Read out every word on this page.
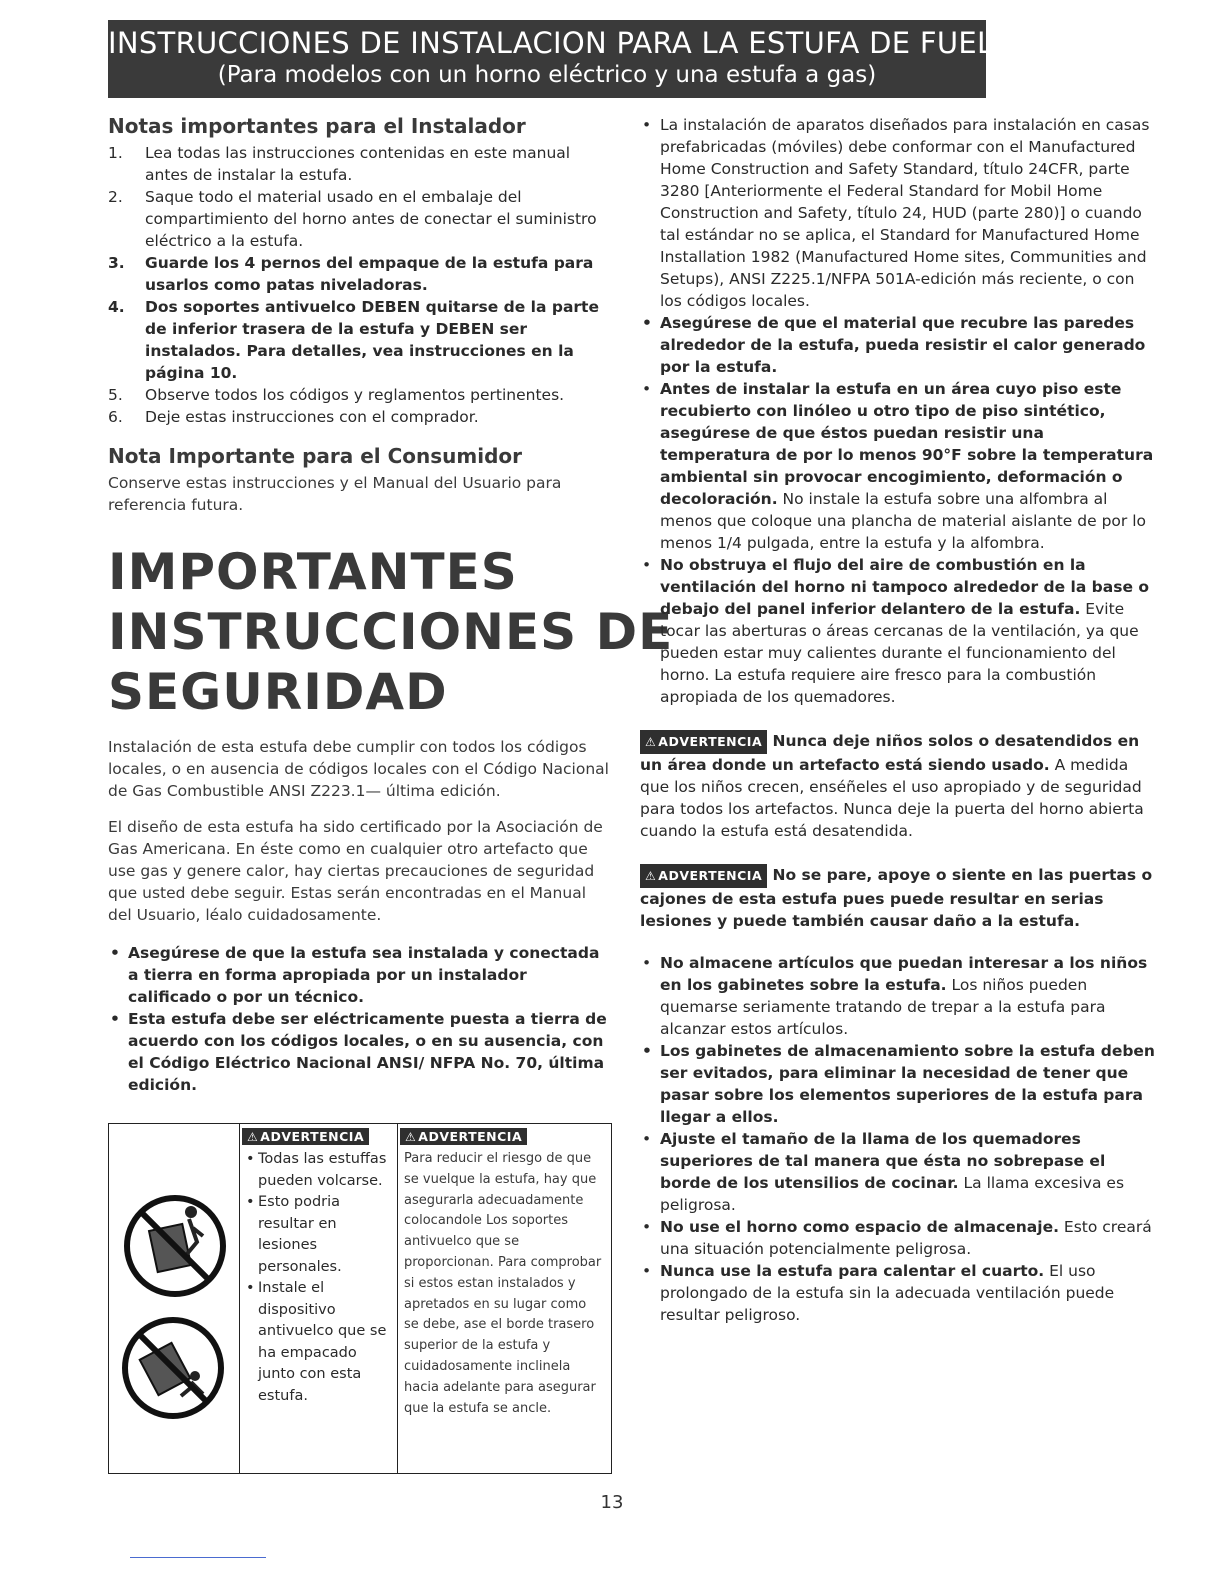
INSTRUCCIONES DE INSTALACION PARA LA ESTUFA DE FUEL DUAL DE 40"
(Para modelos con un horno eléctrico y una estufa a gas)
Notas importantes para el Instalador
1. Lea todas las instrucciones contenidas en este manual antes de instalar la estufa.
2. Saque todo el material usado en el embalaje del compartimiento del horno antes de conectar el suministro eléctrico a la estufa.
3. Guarde los 4 pernos del empaque de la estufa para usarlos como patas niveladoras.
4. Dos soportes antivuelco DEBEN quitarse de la parte de inferior trasera de la estufa y DEBEN ser instalados. Para detalles, vea instrucciones en la página 10.
5. Observe todos los códigos y reglamentos pertinentes.
6. Deje estas instrucciones con el comprador.
Nota Importante para el Consumidor

Conserve estas instrucciones y el Manual del Usuario para referencia futura.

IMPORTANTES
INSTRUCCIONES DE
SEGURIDAD

Instalación de esta estufa debe cumplir con todos los códigos locales, o en ausencia de códigos locales con el Código Nacional de Gas Combustible ANSI Z223.1— última edición.

El diseño de esta estufa ha sido certificado por la Asociación de Gas Americana. En éste como en cualquier otro artefacto que use gas y genere calor, hay ciertas precauciones de seguridad que usted debe seguir. Estas serán encontradas en el Manual del Usuario, léalo cuidadosamente.

• Asegúrese de que la estufa sea instalada y conectada a tierra en forma apropiada por un instalador calificado o por un técnico.
• Esta estufa debe ser eléctricamente puesta a tierra de acuerdo con los códigos locales, o en su ausencia, con el Código Eléctrico Nacional ANSI/ NFPA No. 70, última edición.
⚠ ADVERTENCIA
• Todas las estuffas pueden volcarse.
• Esto podria resultar en lesiones personales.
• Instale el dispositivo antivuelco que se ha empacado junto con esta estufa.
⚠ ADVERTENCIA

Para reducir el riesgo de que se vuelque la estufa, hay que asegurarla adecuadamente colocandole Los soportes antivuelco que se proporcionan. Para comprobar si estos estan instalados y apretados en su lugar como se debe, ase el borde trasero superior de la estufa y cuidadosamente inclinela hacia adelante para asegurar que la estufa se ancle.

• La instalación de aparatos diseñados para instalación en casas prefabricadas (móviles) debe conformar con el Manufactured Home Construction and Safety Standard, título 24CFR, parte 3280 [Anteriormente el Federal Standard for Mobil Home Construction and Safety, título 24, HUD (parte 280)] o cuando tal estándar no se aplica, el Standard for Manufactured Home Installation 1982 (Manufactured Home sites, Communities and Setups), ANSI Z225.1/NFPA 501A-edición más reciente, o con los códigos locales.
• Asegúrese de que el material que recubre las paredes alrededor de la estufa, pueda resistir el calor generado por la estufa.
• Antes de instalar la estufa en un área cuyo piso este recubierto con linóleo u otro tipo de piso sintético, asegúrese de que éstos puedan resistir una temperatura de por lo menos 90°F sobre la temperatura ambiental sin provocar encogimiento, deformación o decoloración. No instale la estufa sobre una alfombra al menos que coloque una plancha de material aislante de por lo menos 1/4 pulgada, entre la estufa y la alfombra.
• No obstruya el flujo del aire de combustión en la ventilación del horno ni tampoco alrededor de la base o debajo del panel inferior delantero de la estufa. Evite tocar las aberturas o áreas cercanas de la ventilación, ya que pueden estar muy calientes durante el funcionamiento del horno. La estufa requiere aire fresco para la combustión apropiada de los quemadores.

⚠ ADVERTENCIA Nunca deje niños solos o desatendidos en un área donde un artefacto está siendo usado. A medida que los niños crecen, enséñeles el uso apropiado y de seguridad para todos los artefactos. Nunca deje la puerta del horno abierta cuando la estufa está desatendida.

⚠ ADVERTENCIA No se pare, apoye o siente en las puertas o cajones de esta estufa pues puede resultar en serias lesiones y puede también causar daño a la estufa.

• No almacene artículos que puedan interesar a los niños en los gabinetes sobre la estufa. Los niños pueden quemarse seriamente tratando de trepar a la estufa para alcanzar estos artículos.
• Los gabinetes de almacenamiento sobre la estufa deben ser evitados, para eliminar la necesidad de tener que pasar sobre los elementos superiores de la estufa para llegar a ellos.
• Ajuste el tamaño de la llama de los quemadores superiores de tal manera que ésta no sobrepase el borde de los utensilios de cocinar. La llama excesiva es peligrosa.
• No use el horno como espacio de almacenaje. Esto creará una situación potencialmente peligrosa.
• Nunca use la estufa para calentar el cuarto. El uso prolongado de la estufa sin la adecuada ventilación puede resultar peligroso.
13
